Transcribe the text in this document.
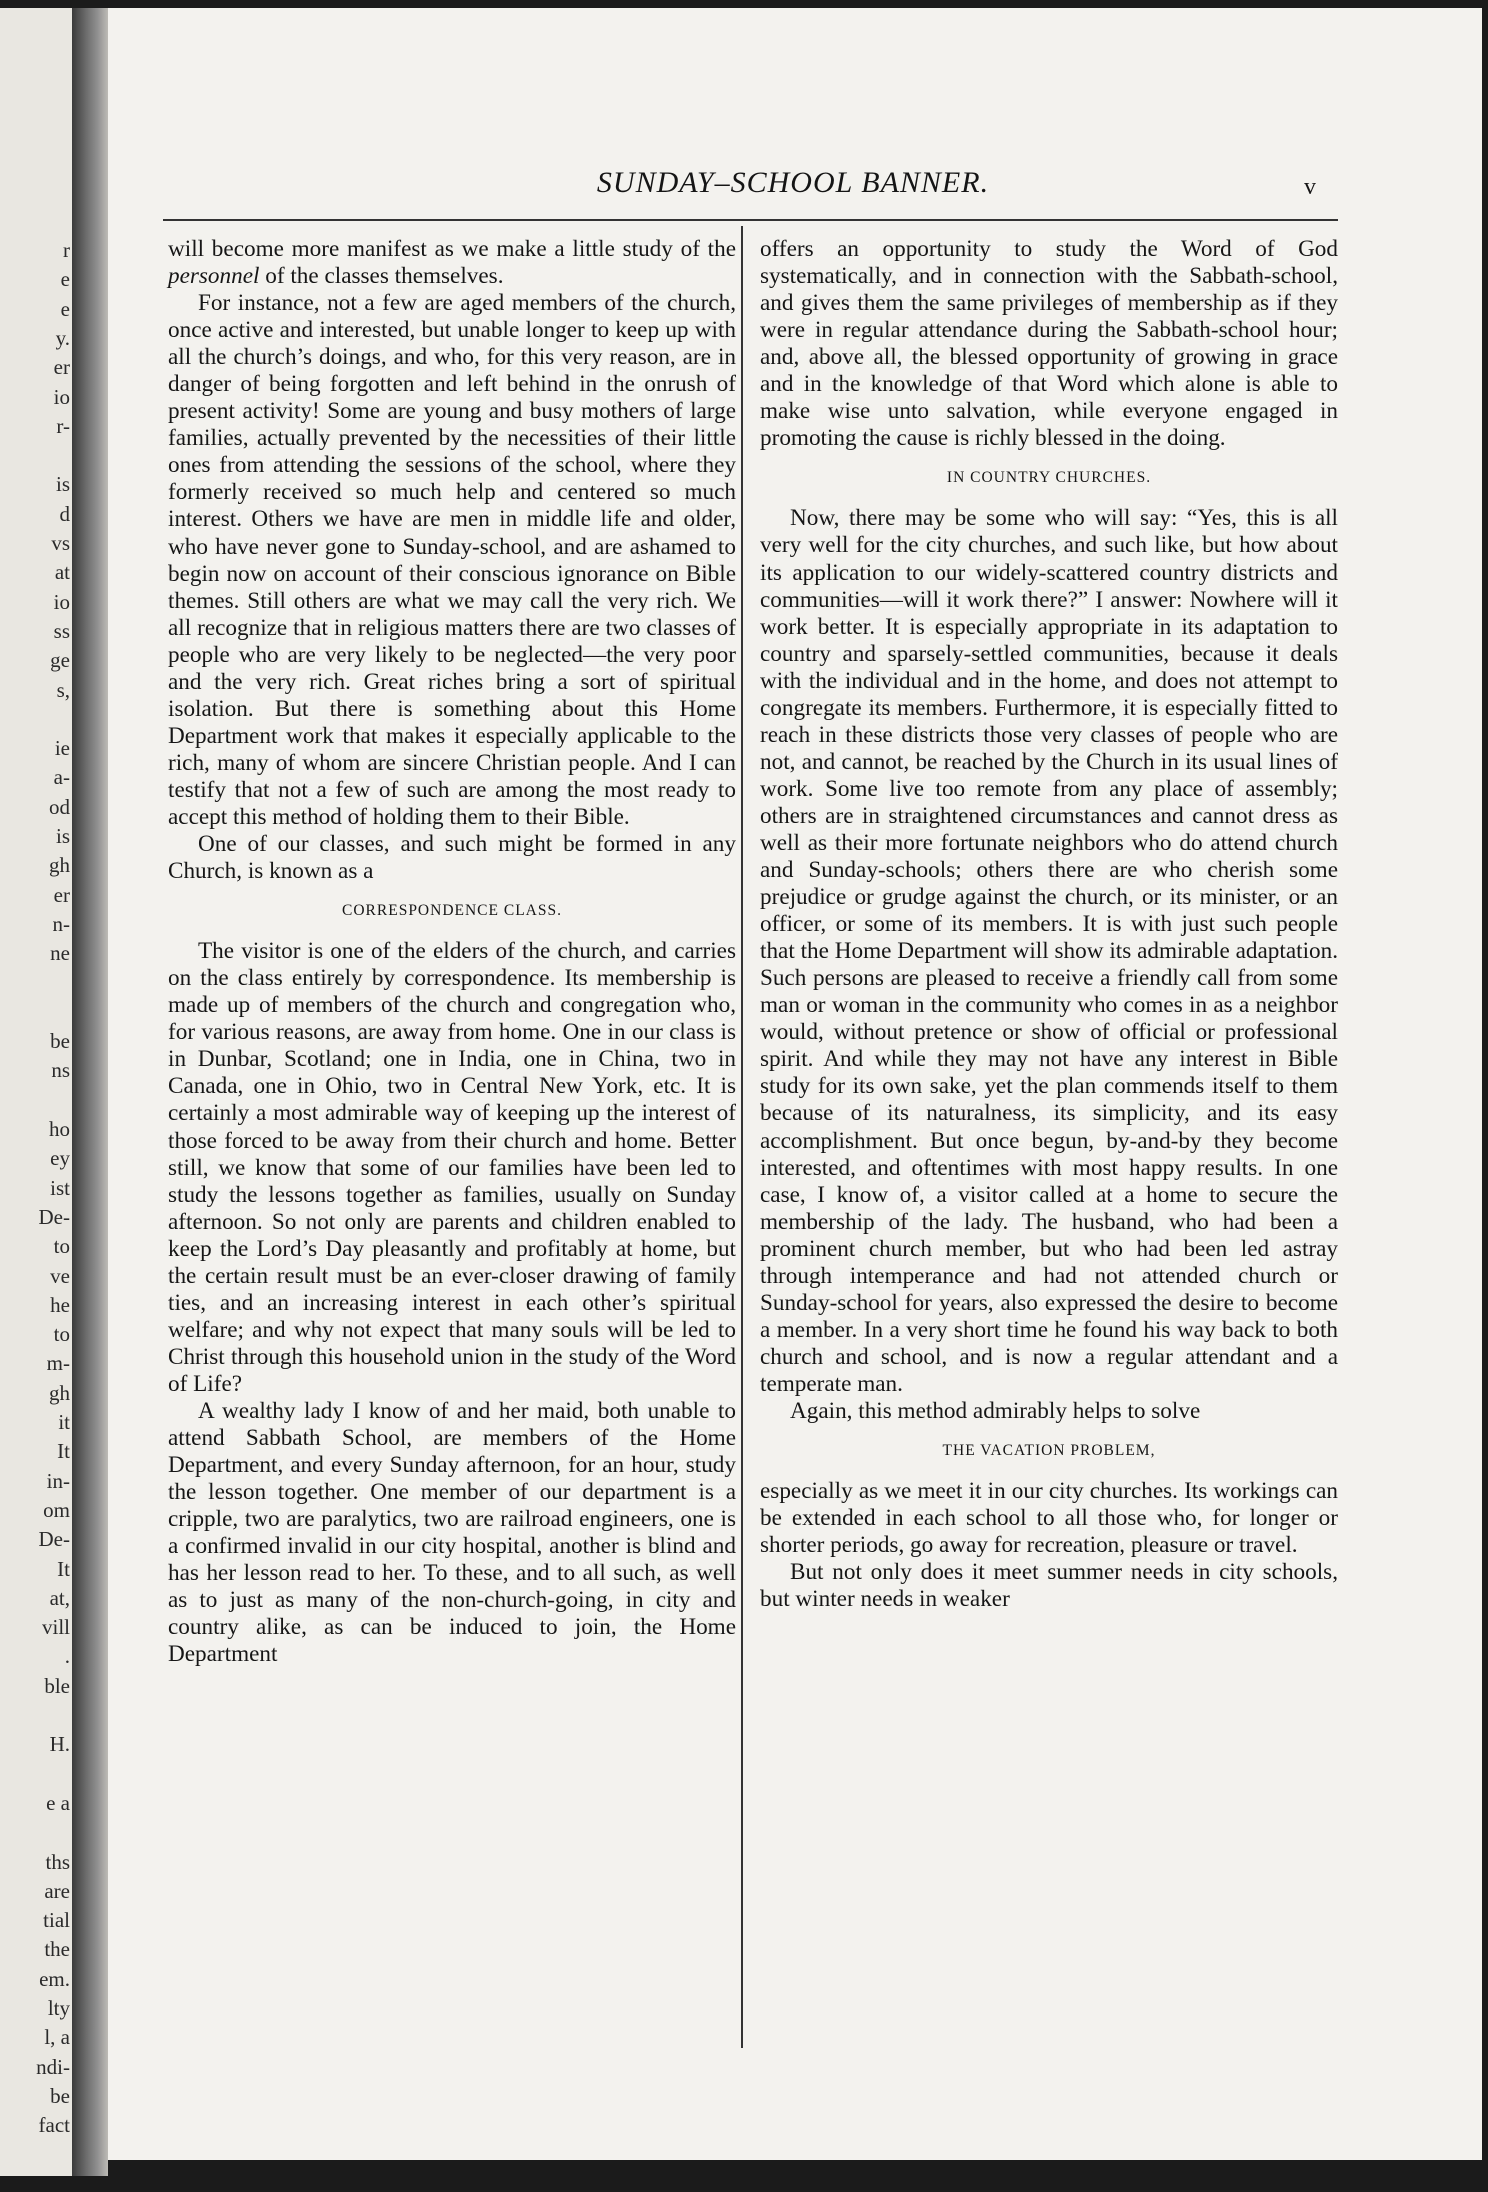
r
e
e
y.
er
io
r-
is
d
vs
at
io
ss
ge
s,
ie
a-
od
is
gh
er
n-
ne
be
ns
ho
ey
ist
De-
to
ve
he
to
m-
gh
it
It
in-
om
De-
It
at,
vill
.
ble
H.
e a
ths
are
tial
the
em.
lty
l, a
ndi-
be
fact
SUNDAY–SCHOOL BANNER.	v

will become more manifest as we make a little study of the personnel of the classes themselves.

For instance, not a few are aged members of the church, once active and interested, but unable longer to keep up with all the church’s doings, and who, for this very reason, are in danger of being forgotten and left behind in the onrush of present activity! Some are young and busy mothers of large families, actually prevented by the necessities of their little ones from attending the sessions of the school, where they formerly received so much help and centered so much interest. Others we have are men in middle life and older, who have never gone to Sunday-school, and are ashamed to begin now on account of their conscious ignorance on Bible themes. Still others are what we may call the very rich. We all recognize that in religious matters there are two classes of people who are very likely to be neglected—the very poor and the very rich. Great riches bring a sort of spiritual isolation. But there is something about this Home Department work that makes it especially applicable to the rich, many of whom are sincere Christian people. And I can testify that not a few of such are among the most ready to accept this method of holding them to their Bible.

One of our classes, and such might be formed in any Church, is known as a

CORRESPONDENCE CLASS.

The visitor is one of the elders of the church, and carries on the class entirely by correspondence. Its membership is made up of members of the church and congregation who, for various reasons, are away from home. One in our class is in Dunbar, Scotland; one in India, one in China, two in Canada, one in Ohio, two in Central New York, etc. It is certainly a most admirable way of keeping up the interest of those forced to be away from their church and home. Better still, we know that some of our families have been led to study the lessons together as families, usually on Sunday afternoon. So not only are parents and children enabled to keep the Lord’s Day pleasantly and profitably at home, but the certain result must be an ever-closer drawing of family ties, and an increasing interest in each other’s spiritual welfare; and why not expect that many souls will be led to Christ through this household union in the study of the Word of Life?

A wealthy lady I know of and her maid, both unable to attend Sabbath School, are members of the Home Department, and every Sunday afternoon, for an hour, study the lesson together. One member of our department is a cripple, two are paralytics, two are railroad engineers, one is a confirmed invalid in our city hospital, another is blind and has her lesson read to her. To these, and to all such, as well as to just as many of the non-church-going, in city and country alike, as can be induced to join, the Home Department

offers an opportunity to study the Word of God systematically, and in connection with the Sabbath-school, and gives them the same privileges of membership as if they were in regular attendance during the Sabbath-school hour; and, above all, the blessed opportunity of growing in grace and in the knowledge of that Word which alone is able to make wise unto salvation, while everyone engaged in promoting the cause is richly blessed in the doing.

IN COUNTRY CHURCHES.

Now, there may be some who will say: “Yes, this is all very well for the city churches, and such like, but how about its application to our widely-scattered country districts and communities—will it work there?” I answer: Nowhere will it work better. It is especially appropriate in its adaptation to country and sparsely-settled communities, because it deals with the individual and in the home, and does not attempt to congregate its members. Furthermore, it is especially fitted to reach in these districts those very classes of people who are not, and cannot, be reached by the Church in its usual lines of work. Some live too remote from any place of assembly; others are in straightened circumstances and cannot dress as well as their more fortunate neighbors who do attend church and Sunday-schools; others there are who cherish some prejudice or grudge against the church, or its minister, or an officer, or some of its members. It is with just such people that the Home Department will show its admirable adaptation. Such persons are pleased to receive a friendly call from some man or woman in the community who comes in as a neighbor would, without pretence or show of official or professional spirit. And while they may not have any interest in Bible study for its own sake, yet the plan commends itself to them because of its naturalness, its simplicity, and its easy accomplishment. But once begun, by-and-by they become interested, and oftentimes with most happy results. In one case, I know of, a visitor called at a home to secure the membership of the lady. The husband, who had been a prominent church member, but who had been led astray through intemperance and had not attended church or Sunday-school for years, also expressed the desire to become a member. In a very short time he found his way back to both church and school, and is now a regular attendant and a temperate man.

Again, this method admirably helps to solve

THE VACATION PROBLEM,

especially as we meet it in our city churches. Its workings can be extended in each school to all those who, for longer or shorter periods, go away for recreation, pleasure or travel.

But not only does it meet summer needs in city schools, but winter needs in weaker
